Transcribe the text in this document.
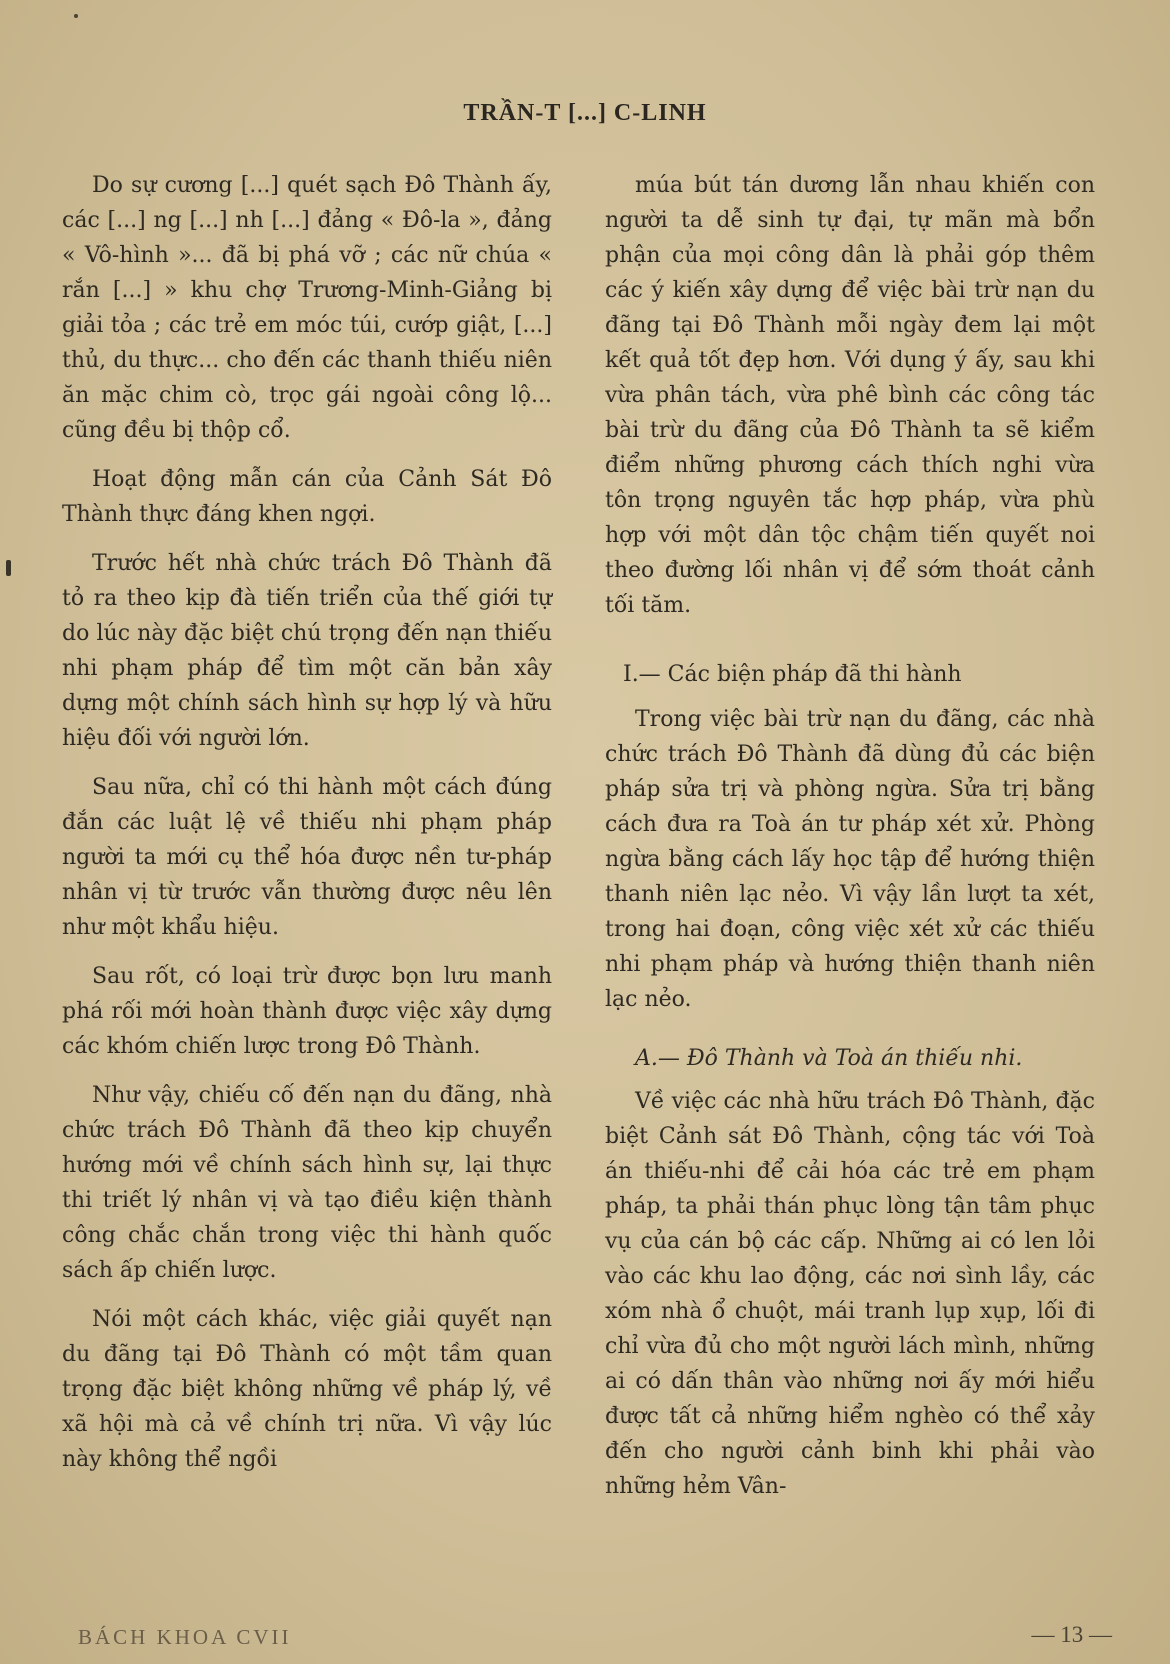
TRẦN-T [...] C-LINH

Do sự cương [...] quét sạch Đô Thành ấy, các [...] ng [...] nh [...] đảng « Đô-la », đảng « Vô-hình »... đã bị phá vỡ ; các nữ chúa « rắn [...] » khu chợ Trương-Minh-Giảng bị giải tỏa ; các trẻ em móc túi, cướp giật, [...] thủ, du thực... cho đến các thanh thiếu niên ăn mặc chim cò, trọc gái ngoài công lộ... cũng đều bị thộp cổ.

Hoạt động mẫn cán của Cảnh Sát Đô Thành thực đáng khen ngợi.

Trước hết nhà chức trách Đô Thành đã tỏ ra theo kịp đà tiến triển của thế giới tự do lúc này đặc biệt chú trọng đến nạn thiếu nhi phạm pháp để tìm một căn bản xây dựng một chính sách hình sự hợp lý và hữu hiệu đối với người lớn.

Sau nữa, chỉ có thi hành một cách đúng đắn các luật lệ về thiếu nhi phạm pháp người ta mới cụ thể hóa được nền tư-pháp nhân vị từ trước vẫn thường được nêu lên như một khẩu hiệu.

Sau rốt, có loại trừ được bọn lưu manh phá rối mới hoàn thành được việc xây dựng các khóm chiến lược trong Đô Thành.

Như vậy, chiếu cố đến nạn du đãng, nhà chức trách Đô Thành đã theo kịp chuyển hướng mới về chính sách hình sự, lại thực thi triết lý nhân vị và tạo điều kiện thành công chắc chắn trong việc thi hành quốc sách ấp chiến lược.

Nói một cách khác, việc giải quyết nạn du đãng tại Đô Thành có một tầm quan trọng đặc biệt không những về pháp lý, về xã hội mà cả về chính trị nữa. Vì vậy lúc này không thể ngồi

múa bút tán dương lẫn nhau khiến con người ta dễ sinh tự đại, tự mãn mà bổn phận của mọi công dân là phải góp thêm các ý kiến xây dựng để việc bài trừ nạn du đãng tại Đô Thành mỗi ngày đem lại một kết quả tốt đẹp hơn. Với dụng ý ấy, sau khi vừa phân tách, vừa phê bình các công tác bài trừ du đãng của Đô Thành ta sẽ kiểm điểm những phương cách thích nghi vừa tôn trọng nguyên tắc hợp pháp, vừa phù hợp với một dân tộc chậm tiến quyết noi theo đường lối nhân vị để sớm thoát cảnh tối tăm.

I.— Các biện pháp đã thi hành

Trong việc bài trừ nạn du đãng, các nhà chức trách Đô Thành đã dùng đủ các biện pháp sửa trị và phòng ngừa. Sửa trị bằng cách đưa ra Toà án tư pháp xét xử. Phòng ngừa bằng cách lấy học tập để hướng thiện thanh niên lạc nẻo. Vì vậy lần lượt ta xét, trong hai đoạn, công việc xét xử các thiếu nhi phạm pháp và hướng thiện thanh niên lạc nẻo.

A.— Đô Thành và Toà án thiếu nhi.

Về việc các nhà hữu trách Đô Thành, đặc biệt Cảnh sát Đô Thành, cộng tác với Toà án thiếu-nhi để cải hóa các trẻ em phạm pháp, ta phải thán phục lòng tận tâm phục vụ của cán bộ các cấp. Những ai có len lỏi vào các khu lao động, các nơi sình lầy, các xóm nhà ổ chuột, mái tranh lụp xụp, lối đi chỉ vừa đủ cho một người lách mình, những ai có dấn thân vào những nơi ấy mới hiểu được tất cả những hiểm nghèo có thể xảy đến cho người cảnh binh khi phải vào những hẻm Vân-

BÁCH KHOA CVII	— 13 —
